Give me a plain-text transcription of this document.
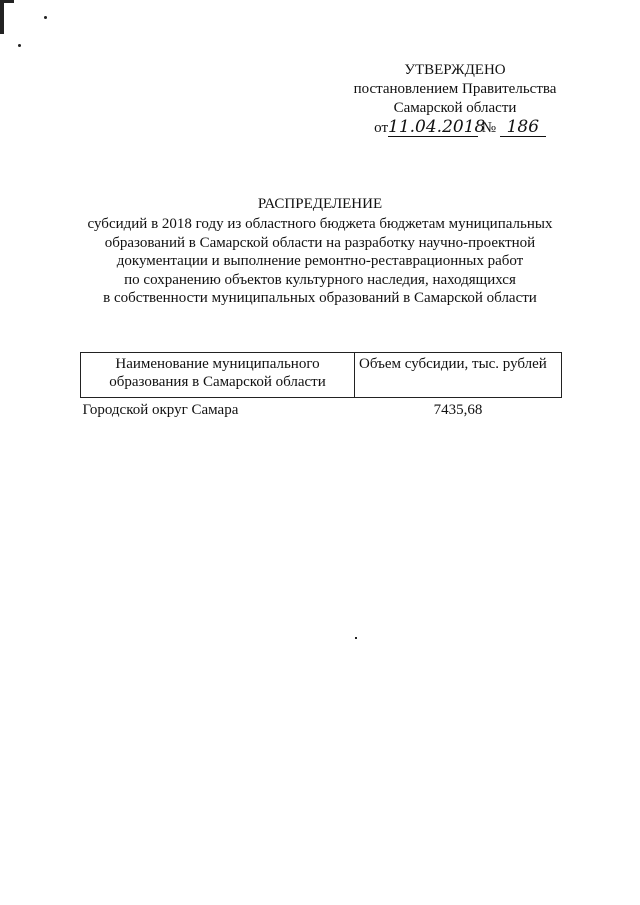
УТВЕРЖДЕНО
постановлением Правительства
Самарской области
от11.04.2018 № 186
РАСПРЕДЕЛЕНИЕ
субсидий в 2018 году из областного бюджета бюджетам муниципальных
образований в Самарской области на разработку научно-проектной
документации и выполнение ремонтно-реставрационных работ
по сохранению объектов культурного наследия, находящихся
в собственности муниципальных образований в Самарской области
Наименование муниципального образования в Самарской области	Объем субсидии, тыс. рублей
Городской округ Самара	7435,68
